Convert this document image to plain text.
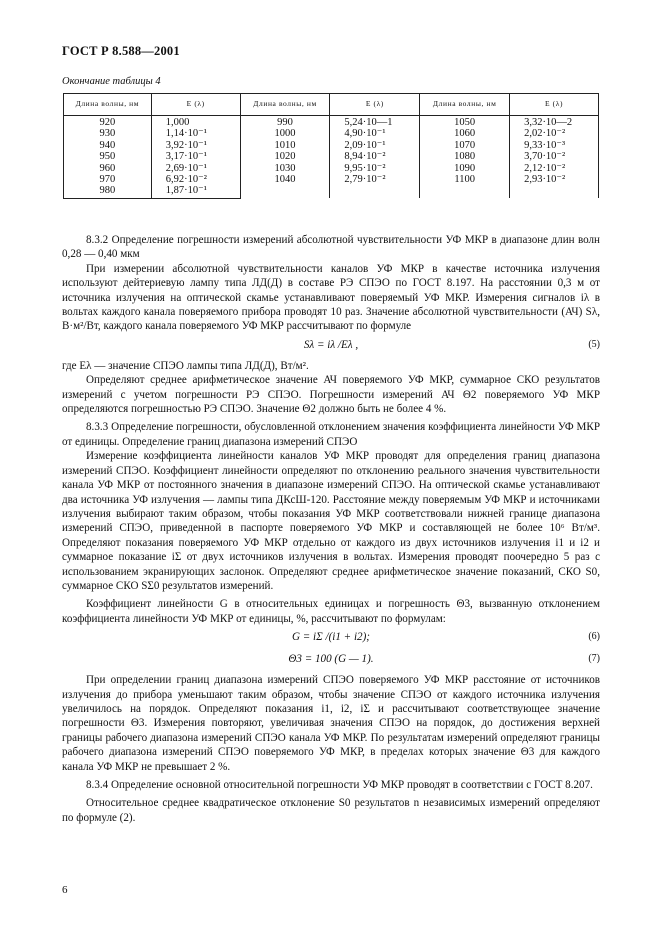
ГОСТ Р 8.588—2001
Окончание таблицы 4
Длина волны, нм	E (λ)	Длина волны, нм	E (λ)	Длина волны, нм	E (λ)
920	1,000	990	5,24·10—1	1050	3,32·10—2
930	1,14·10⁻¹	1000	4,90·10⁻¹	1060	2,02·10⁻²
940	3,92·10⁻¹	1010	2,09·10⁻¹	1070	9,33·10⁻³
950	3,17·10⁻¹	1020	8,94·10⁻²	1080	3,70·10⁻²
960	2,69·10⁻¹	1030	9,95·10⁻²	1090	2,12·10⁻²
970	6,92·10⁻²	1040	2,79·10⁻²	1100	2,93·10⁻²
980	1,87·10⁻¹				

8.3.2 Определение погрешности измерений абсолютной чувствительности УФ МКР в диапазоне длин волн 0,28 — 0,40 мкм

При измерении абсолютной чувствительности каналов УФ МКР в качестве источника излучения используют дейтериевую лампу типа ЛД(Д) в составе РЭ СПЭО по ГОСТ 8.197. На расстоянии 0,3 м от источника излучения на оптической скамье устанавливают поверяемый УФ МКР. Измерения сигналов iλ в вольтах каждого канала поверяемого прибора проводят 10 раз. Значение абсолютной чувствительности (АЧ) Sλ, В·м²/Вт, каждого канала поверяемого УФ МКР рассчитывают по формуле

Sλ = iλ /Eλ ,	(5)

где Eλ — значение СПЭО лампы типа ЛД(Д), Вт/м².

Определяют среднее арифметическое значение АЧ поверяемого УФ МКР, суммарное СКО результатов измерений с учетом погрешности РЭ СПЭО. Погрешности измерений АЧ Θ2 поверяемого УФ МКР определяются погрешностью РЭ СПЭО. Значение Θ2 должно быть не более 4 %.

8.3.3 Определение погрешности, обусловленной отклонением значения коэффициента линейности УФ МКР от единицы. Определение границ диапазона измерений СПЭО

Измерение коэффициента линейности каналов УФ МКР проводят для определения границ диапазона измерений СПЭО. Коэффициент линейности определяют по отклонению реального значения чувствительности канала УФ МКР от постоянного значения в диапазоне измерений СПЭО. На оптической скамье устанавливают два источника УФ излучения — лампы типа ДКсШ-120. Расстояние между поверяемым УФ МКР и источниками излучения выбирают таким образом, чтобы показания УФ МКР соответствовали нижней границе диапазона измерений СПЭО, приведенной в паспорте поверяемого УФ МКР и составляющей не более 10⁶ Вт/м³. Определяют показания поверяемого УФ МКР отдельно от каждого из двух источников излучения i1 и i2 и суммарное показание iΣ от двух источников излучения в вольтах. Измерения проводят поочередно 5 раз с использованием экранирующих заслонок. Определяют среднее арифметическое значение показаний, СКО S0, суммарное СКО SΣ0 результатов измерений.

Коэффициент линейности G в относительных единицах и погрешность Θ3, вызванную отклонением коэффициента линейности УФ МКР от единицы, %, рассчитывают по формулам:

G = iΣ /(i1 + i2);	(6)
Θ3 = 100 (G — 1).	(7)

При определении границ диапазона измерений СПЭО поверяемого УФ МКР расстояние от источников излучения до прибора уменьшают таким образом, чтобы значение СПЭО от каждого источника излучения увеличилось на порядок. Определяют показания i1, i2, iΣ и рассчитывают соответствующее значение погрешности Θ3. Измерения повторяют, увеличивая значения СПЭО на порядок, до достижения верхней границы рабочего диапазона измерений СПЭО канала УФ МКР. По результатам измерений определяют границы рабочего диапазона измерений СПЭО поверяемого УФ МКР, в пределах которых значение Θ3 для каждого канала УФ МКР не превышает 2 %.

8.3.4 Определение основной относительной погрешности УФ МКР проводят в соответствии с ГОСТ 8.207.

Относительное среднее квадратическое отклонение S0 результатов n независимых измерений определяют по формуле (2).

6
